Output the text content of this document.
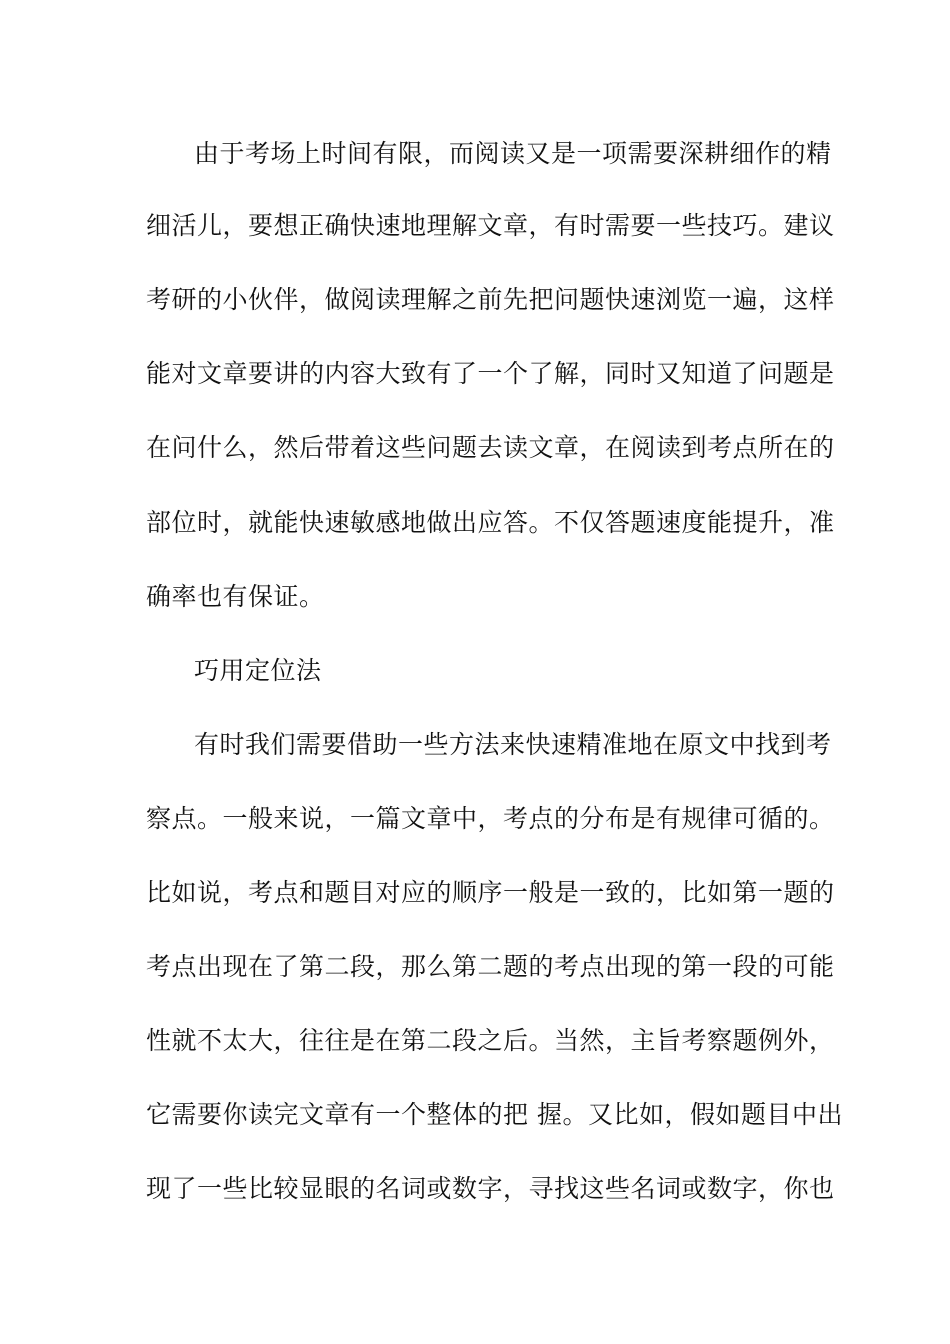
由于考场上时间有限，而阅读又是一项需要深耕细作的精
细活儿，要想正确快速地理解文章，有时需要一些技巧。建议
考研的小伙伴，做阅读理解之前先把问题快速浏览一遍，这样
能对文章要讲的内容大致有了一个了解，同时又知道了问题是
在问什么，然后带着这些问题去读文章，在阅读到考点所在的
部位时，就能快速敏感地做出应答。不仅答题速度能提升，准
确率也有保证。
巧用定位法
有时我们需要借助一些方法来快速精准地在原文中找到考
察点。一般来说，一篇文章中，考点的分布是有规律可循的。
比如说，考点和题目对应的顺序一般是一致的，比如第一题的
考点出现在了第二段，那么第二题的考点出现的第一段的可能
性就不太大，往往是在第二段之后。当然，主旨考察题例外，
它需要你读完文章有一个整体的把 握。又比如，假如题目中出
现了一些比较显眼的名词或数字，寻找这些名词或数字，你也
